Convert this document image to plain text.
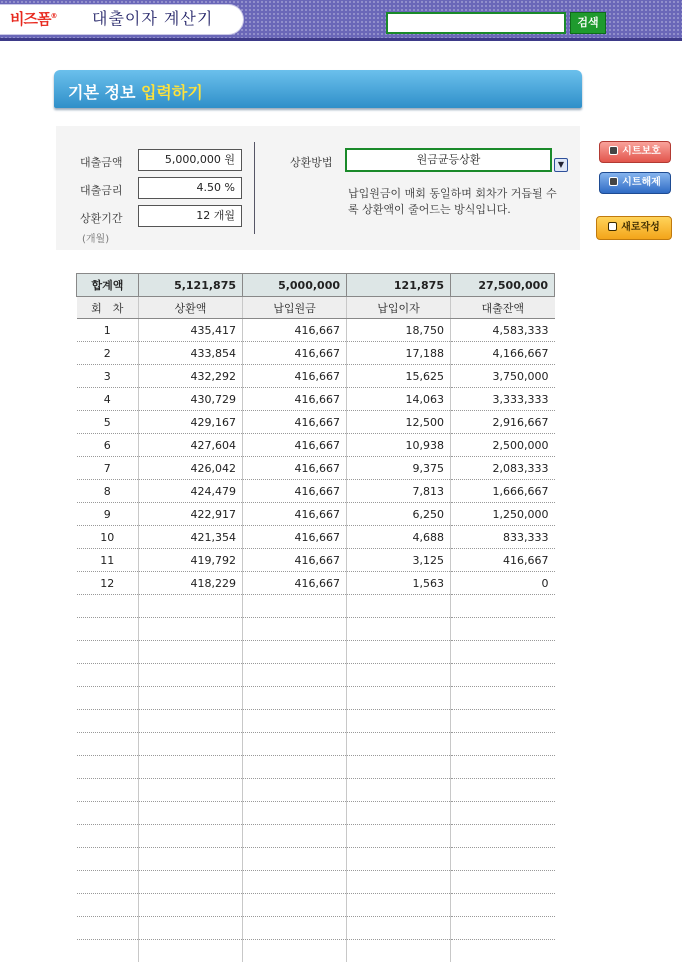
비즈폼® 대출이자 계산기	검색
기본 정보 입력하기
대출금액	5,000,000 원
대출금리	4.50 %
상환기간	12 개월
(개월)
상환방법	원금균등상환	▼
납입원금이 매회 동일하며 회차가 거듭될 수록 상환액이 줄어드는 방식입니다.
시트보호
시트해제
새로작성
합계액	5,121,875	5,000,000	121,875	27,500,000
회　차	상환액	납입원금	납입이자	대출잔액
1	435,417	416,667	18,750	4,583,333
2	433,854	416,667	17,188	4,166,667
3	432,292	416,667	15,625	3,750,000
4	430,729	416,667	14,063	3,333,333
5	429,167	416,667	12,500	2,916,667
6	427,604	416,667	10,938	2,500,000
7	426,042	416,667	9,375	2,083,333
8	424,479	416,667	7,813	1,666,667
9	422,917	416,667	6,250	1,250,000
10	421,354	416,667	4,688	833,333
11	419,792	416,667	3,125	416,667
12	418,229	416,667	1,563	0
